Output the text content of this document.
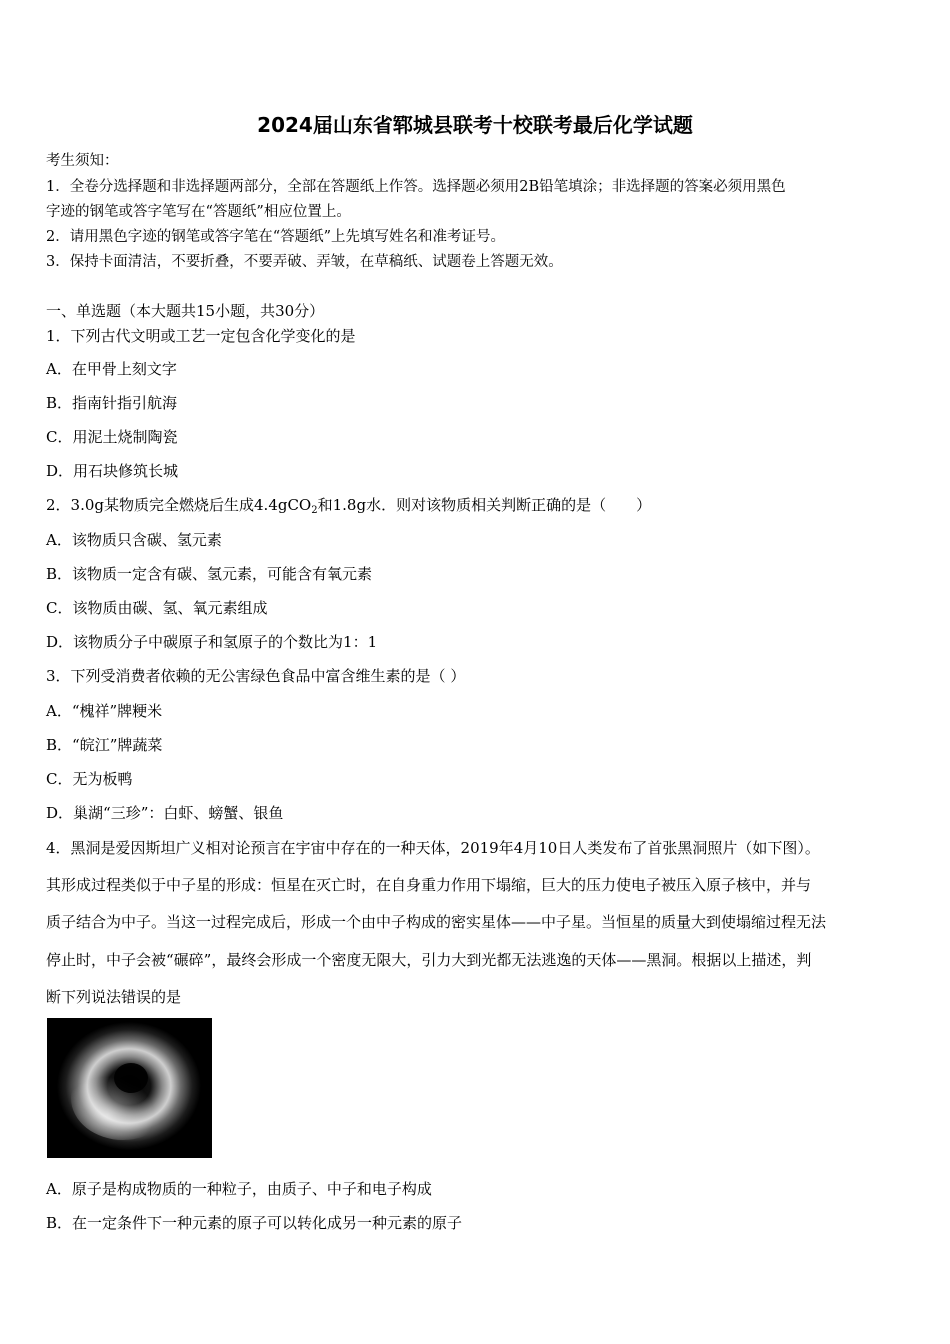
2024届山东省郓城县联考十校联考最后化学试题
考生须知：
1．全卷分选择题和非选择题两部分，全部在答题纸上作答。选择题必须用2B铅笔填涂；非选择题的答案必须用黑色
字迹的钢笔或答字笔写在“答题纸”相应位置上。
2．请用黑色字迹的钢笔或答字笔在“答题纸”上先填写姓名和准考证号。
3．保持卡面清洁，不要折叠，不要弄破、弄皱，在草稿纸、试题卷上答题无效。
一、单选题（本大题共15小题，共30分）
1．下列古代文明或工艺一定包含化学变化的是
A．在甲骨上刻文字
B．指南针指引航海
C．用泥土烧制陶瓷
D．用石块修筑长城
2．3.0g某物质完全燃烧后生成4.4gCO$_2$和1.8g水．则对该物质相关判断正确的是（　　）
A．该物质只含碳、氢元素
B．该物质一定含有碳、氢元素，可能含有氧元素
C．该物质由碳、氢、氧元素组成
D．该物质分子中碳原子和氢原子的个数比为1：1
3．下列受消费者依赖的无公害绿色食品中富含维生素的是（ ）
A．“槐祥”牌粳米
B．“皖江”牌蔬菜
C．无为板鸭
D．巢湖“三珍”：白虾、螃蟹、银鱼
4．黑洞是爱因斯坦广义相对论预言在宇宙中存在的一种天体，2019年4月10日人类发布了首张黑洞照片（如下图）。
其形成过程类似于中子星的形成：恒星在灭亡时，在自身重力作用下塌缩，巨大的压力使电子被压入原子核中，并与
质子结合为中子。当这一过程完成后，形成一个由中子构成的密实星体——中子星。当恒星的质量大到使塌缩过程无法
停止时，中子会被“碾碎”，最终会形成一个密度无限大，引力大到光都无法逃逸的天体——黑洞。根据以上描述，判
断下列说法错误的是
A．原子是构成物质的一种粒子，由质子、中子和电子构成
B．在一定条件下一种元素的原子可以转化成另一种元素的原子
